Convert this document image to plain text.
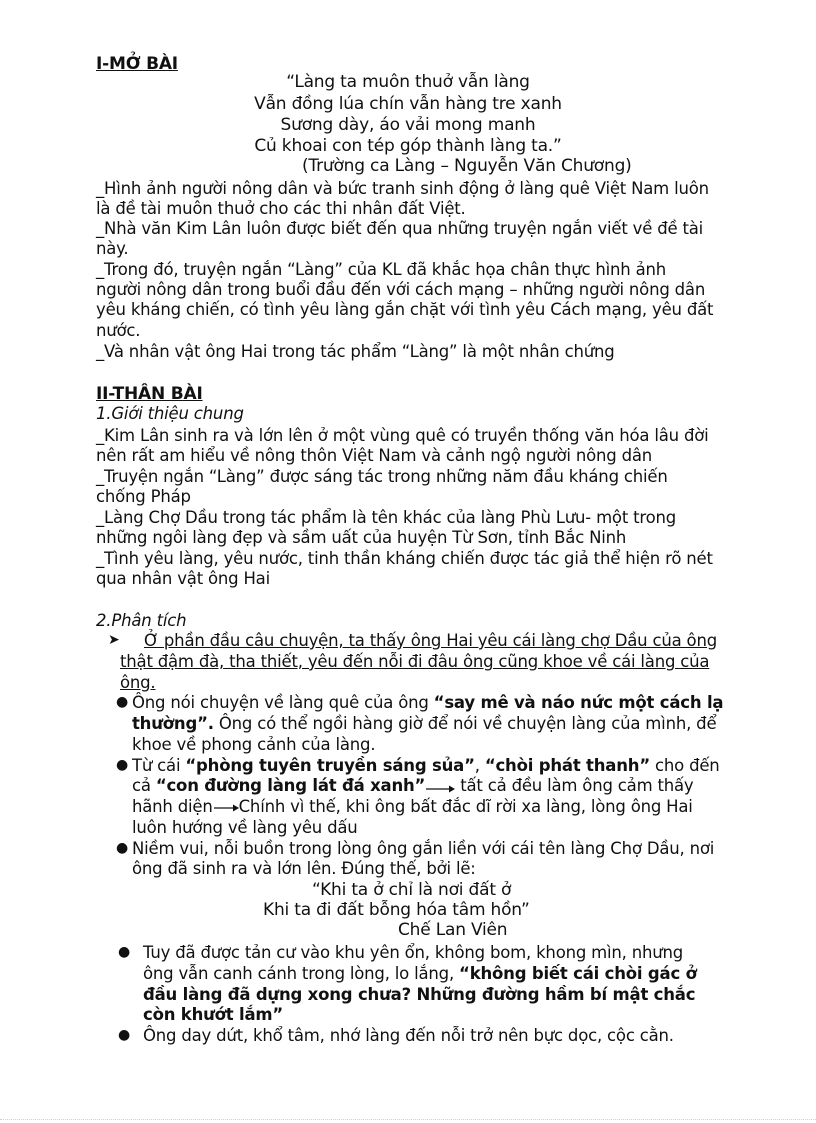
I-MỞ BÀI
“Làng ta muôn thuở vẫn làng
Vẫn đồng lúa chín vẫn hàng tre xanh
Sương dày, áo vải mong manh
Củ khoai con tép góp thành làng ta.”
(Trường ca Làng – Nguyễn Văn Chương)
_Hình ảnh người nông dân và bức tranh sinh động ở làng quê Việt Nam luôn
là đề tài muôn thuở cho các thi nhân đất Việt.
_Nhà văn Kim Lân luôn được biết đến qua những truyện ngắn viết về đề tài
này.
_Trong đó, truyện ngắn “Làng” của KL đã khắc họa chân thực hình ảnh
người nông dân trong buổi đầu đến với cách mạng – những người nông dân
yêu kháng chiến, có tình yêu làng gắn chặt với tình yêu Cách mạng, yêu đất
nước.
_Và nhân vật ông Hai trong tác phẩm “Làng” là một nhân chứng
II-THÂN BÀI
1.Giới thiệu chung
_Kim Lân sinh ra và lớn lên ở một vùng quê có truyền thống văn hóa lâu đời
nên rất am hiểu về nông thôn Việt Nam và cảnh ngộ người nông dân
_Truyện ngắn “Làng” được sáng tác trong những năm đầu kháng chiến
chống Pháp
_Làng Chợ Dầu trong tác phẩm là tên khác của làng Phù Lưu- một trong
những ngôi làng đẹp và sầm uất của huyện Từ Sơn, tỉnh Bắc Ninh
_Tình yêu làng, yêu nước, tinh thần kháng chiến được tác giả thể hiện rõ nét
qua nhân vật ông Hai
2.Phân tích
➤ Ở phần đầu câu chuyện, ta thấy ông Hai yêu cái làng chợ Dầu của ông
thật đậm đà, tha thiết, yêu đến nỗi đi đâu ông cũng khoe về cái làng của
ông.
● Ông nói chuyện về làng quê của ông “say mê và náo nức một cách lạ
thường”. Ông có thể ngồi hàng giờ để nói về chuyện làng của mình, để
khoe về phong cảnh của làng.
● Từ cái “phòng tuyên truyền sáng sủa”, “chòi phát thanh” cho đến
cả “con đường làng lát đá xanh” tất cả đều làm ông cảm thấy
hãnh diện Chính vì thế, khi ông bất đắc dĩ rời xa làng, lòng ông Hai
luôn hướng về làng yêu dấu
● Niềm vui, nỗi buồn trong lòng ông gắn liền với cái tên làng Chợ Dầu, nơi
ông đã sinh ra và lớn lên. Đúng thế, bởi lẽ:
“Khi ta ở chỉ là nơi đất ở
Khi ta đi đất bỗng hóa tâm hồn”
Chế Lan Viên
● Tuy đã được tản cư vào khu yên ổn, không bom, khong mìn, nhưng
ông vẫn canh cánh trong lòng, lo lắng, “không biết cái chòi gác ở
đầu làng đã dựng xong chưa? Những đường hầm bí mật chắc
còn khướt lắm”
● Ông day dứt, khổ tâm, nhớ làng đến nỗi trở nên bực dọc, cộc cằn.
